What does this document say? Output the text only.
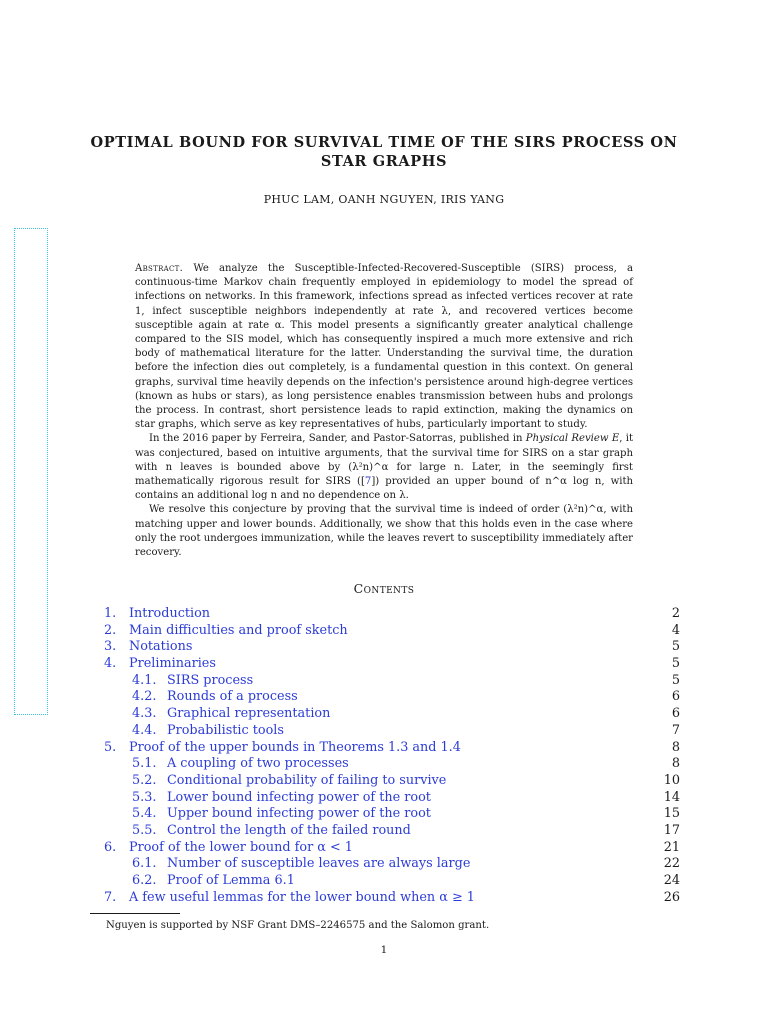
OPTIMAL BOUND FOR SURVIVAL TIME OF THE SIRS PROCESS ON STAR GRAPHS
PHUC LAM, OANH NGUYEN, IRIS YANG

Abstract. We analyze the Susceptible-Infected-Recovered-Susceptible (SIRS) process, a continuous-time Markov chain frequently employed in epidemiology to model the spread of infections on networks. In this framework, infections spread as infected vertices recover at rate 1, infect susceptible neighbors independently at rate λ, and recovered vertices become susceptible again at rate α. This model presents a significantly greater analytical challenge compared to the SIS model, which has consequently inspired a much more extensive and rich body of mathematical literature for the latter. Understanding the survival time, the duration before the infection dies out completely, is a fundamental question in this context. On general graphs, survival time heavily depends on the infection's persistence around high-degree vertices (known as hubs or stars), as long persistence enables transmission between hubs and prolongs the process. In contrast, short persistence leads to rapid extinction, making the dynamics on star graphs, which serve as key representatives of hubs, particularly important to study.

In the 2016 paper by Ferreira, Sander, and Pastor-Satorras, published in Physical Review E, it was conjectured, based on intuitive arguments, that the survival time for SIRS on a star graph with n leaves is bounded above by (λ²n)^α for large n. Later, in the seemingly first mathematically rigorous result for SIRS ([7]) provided an upper bound of n^α log n, with contains an additional log n and no dependence on λ.

We resolve this conjecture by proving that the survival time is indeed of order (λ²n)^α, with matching upper and lower bounds. Additionally, we show that this holds even in the case where only the root undergoes immunization, while the leaves revert to susceptibility immediately after recovery.

Contents
1. Introduction	2
2. Main difficulties and proof sketch	4
3. Notations	5
4. Preliminaries	5
4.1. SIRS process	5
4.2. Rounds of a process	6
4.3. Graphical representation	6
4.4. Probabilistic tools	7
5. Proof of the upper bounds in Theorems 1.3 and 1.4	8
5.1. A coupling of two processes	8
5.2. Conditional probability of failing to survive	10
5.3. Lower bound infecting power of the root	14
5.4. Upper bound infecting power of the root	15
5.5. Control the length of the failed round	17
6. Proof of the lower bound for α < 1	21
6.1. Number of susceptible leaves are always large	22
6.2. Proof of Lemma 6.1	24
7. A few useful lemmas for the lower bound when α ≥ 1	26
Nguyen is supported by NSF Grant DMS–2246575 and the Salomon grant.
1
